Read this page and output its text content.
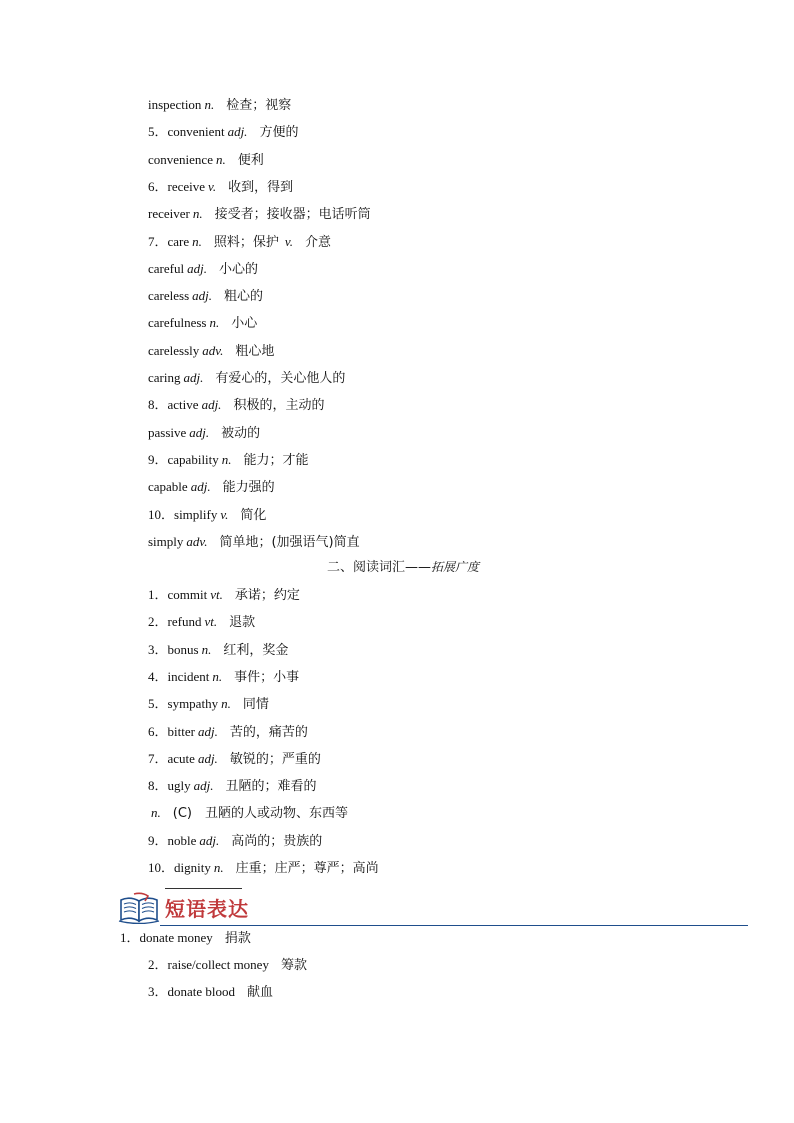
inspection n. 检查；视察
5．convenient adj. 方便的
convenience n. 便利
6．receive v. 收到，得到
receiver n. 接受者；接收器；电话听筒
7．care n. 照料；保护 v. 介意
careful adj. 小心的
careless adj. 粗心的
carefulness n. 小心
carelessly adv. 粗心地
caring adj. 有爱心的，关心他人的
8．active adj. 积极的，主动的
passive adj. 被动的
9．capability n. 能力；才能
capable adj. 能力强的
10．simplify v. 简化
simply adv. 简单地；(加强语气)简直
二、阅读词汇——拓展广度
1．commit vt. 承诺；约定
2．refund vt. 退款
3．bonus n. 红利，奖金
4．incident n. 事件；小事
5．sympathy n. 同情
6．bitter adj. 苦的，痛苦的
7．acute adj. 敏锐的；严重的
8．ugly adj. 丑陋的；难看的
n. (C)　丑陋的人或动物、东西等
9．noble adj. 高尚的；贵族的
10．dignity n. 庄重；庄严；尊严；高尚
短语表达
1．donate money 捐款
2．raise/collect money 筹款
3．donate blood 献血
